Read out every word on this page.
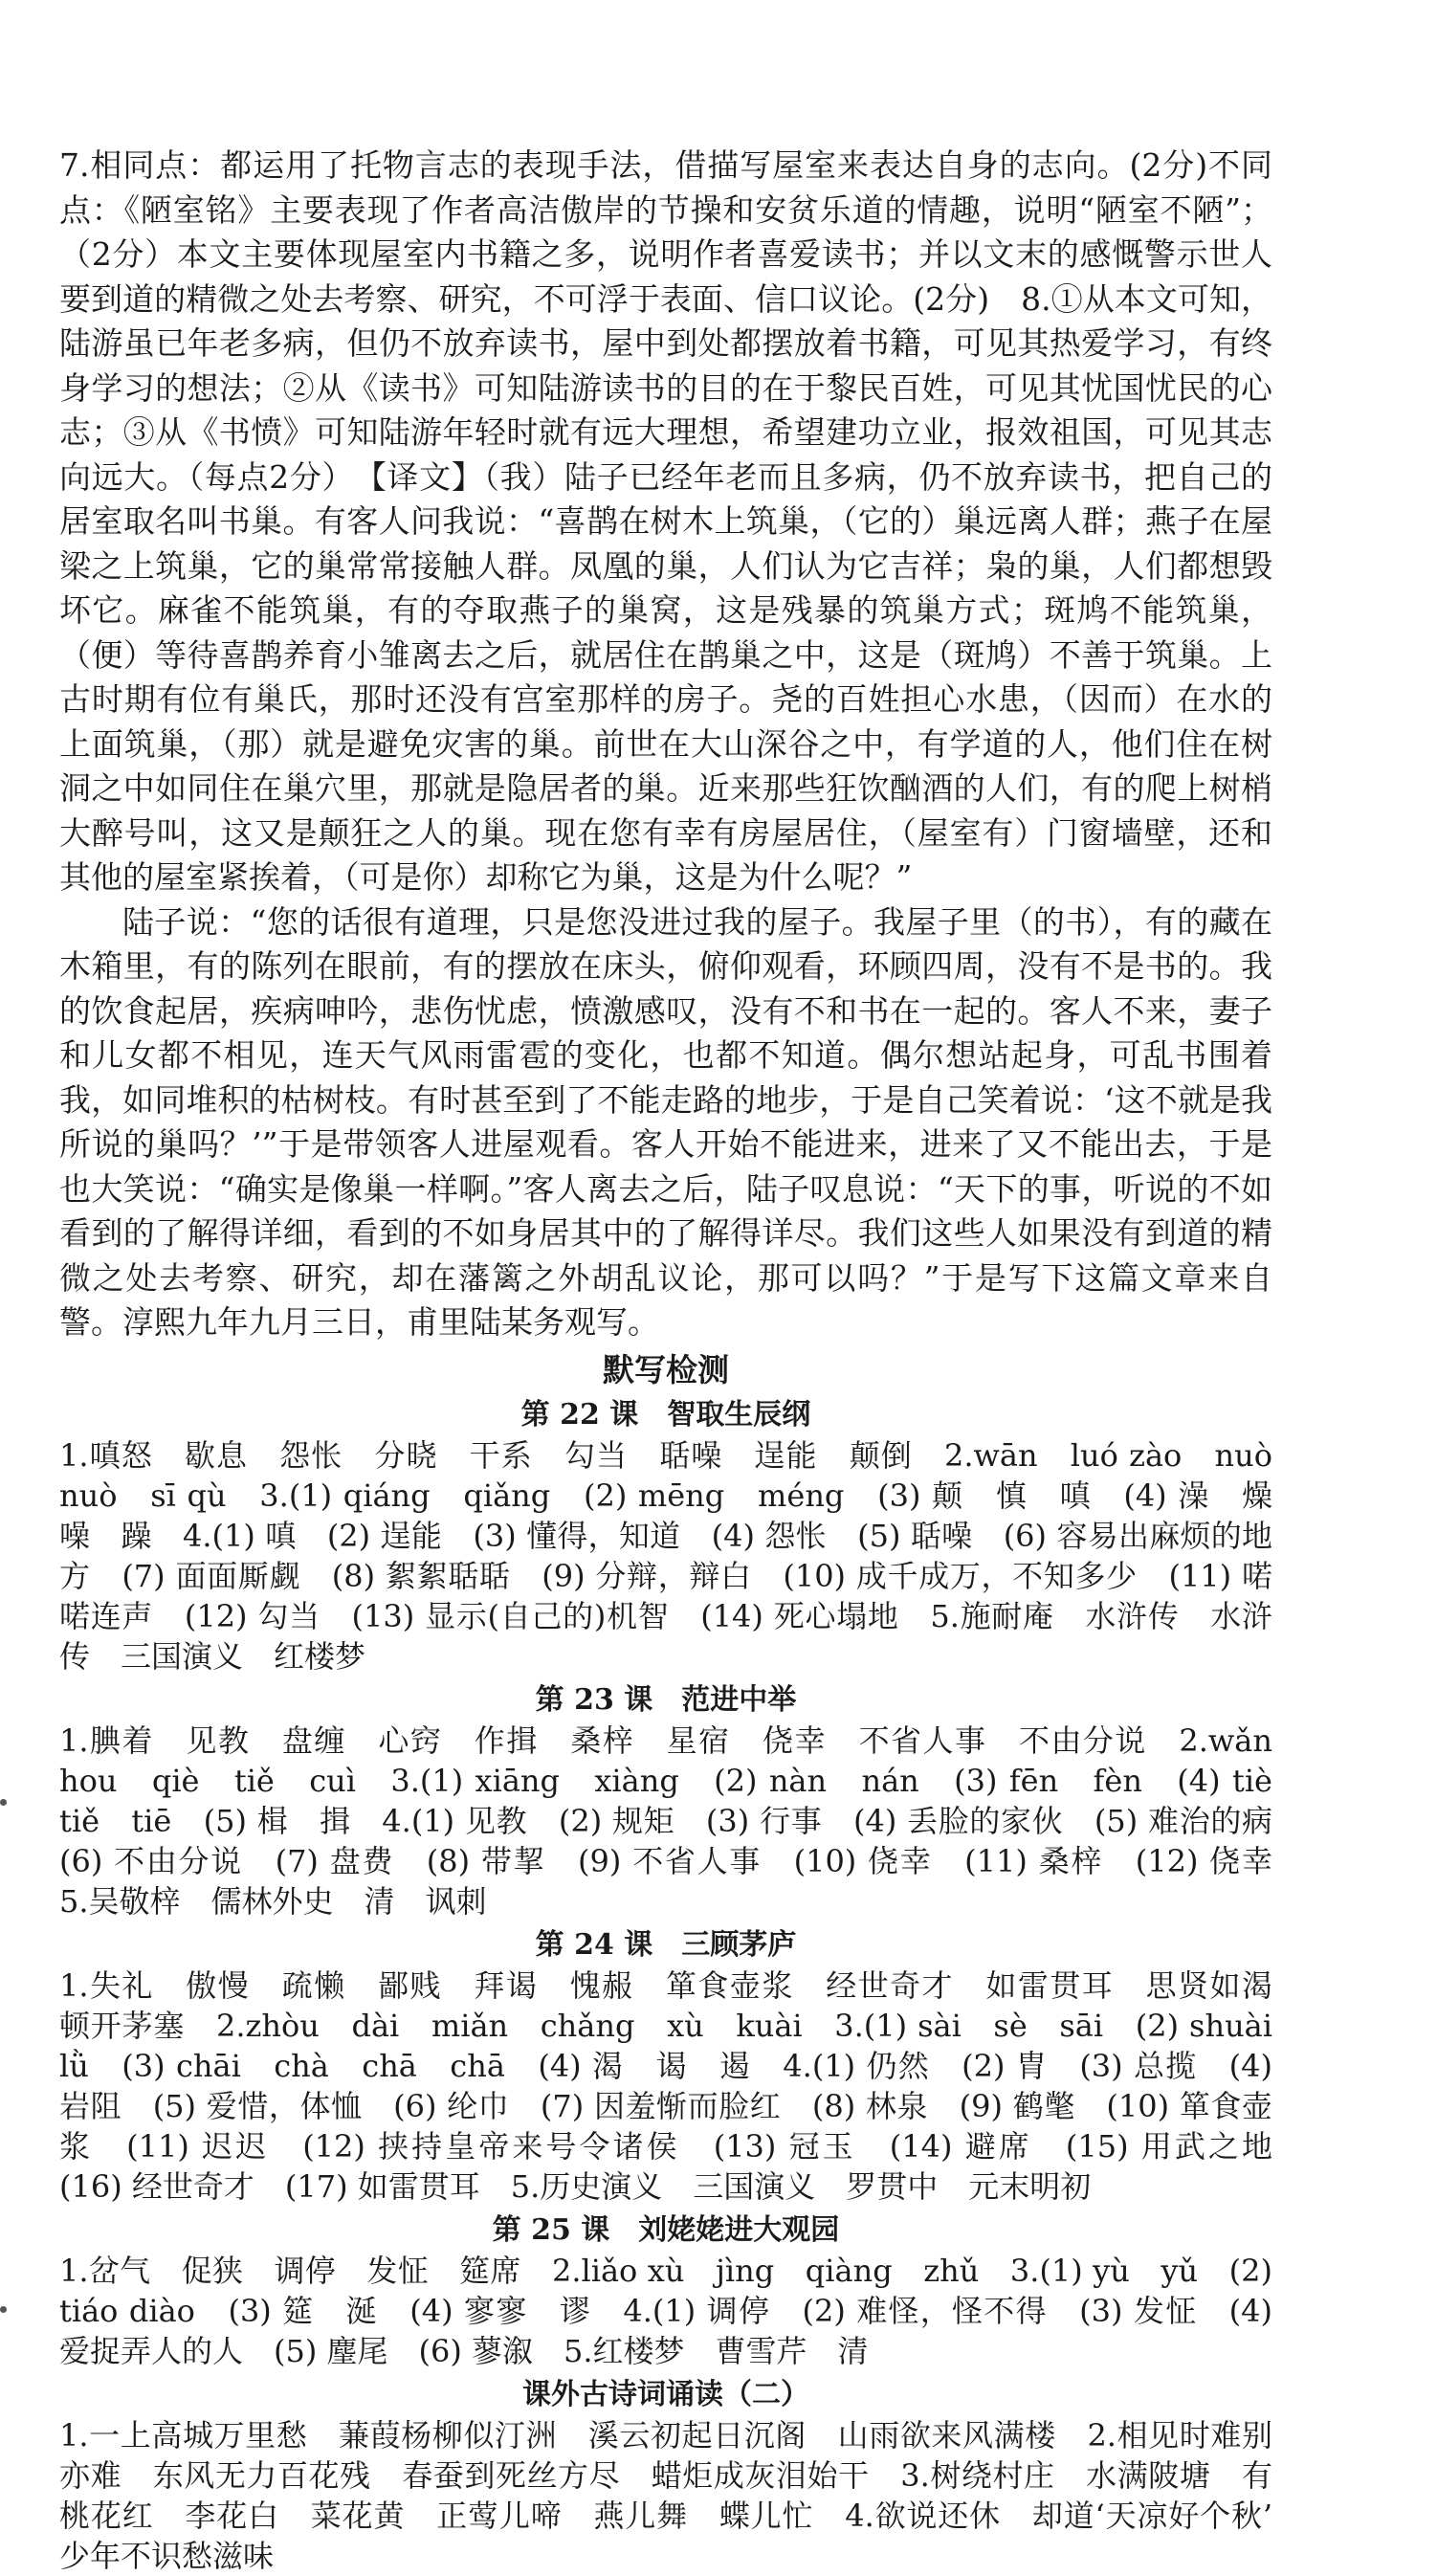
7.相同点：都运用了托物言志的表现手法，借描写屋室来表达自身的志向。(2分)不同点：《陋室铭》主要表现了作者高洁傲岸的节操和安贫乐道的情趣，说明“陋室不陋”；（2分）本文主要体现屋室内书籍之多，说明作者喜爱读书；并以文末的感慨警示世人要到道的精微之处去考察、研究，不可浮于表面、信口议论。(2分)　8.①从本文可知，陆游虽已年老多病，但仍不放弃读书，屋中到处都摆放着书籍，可见其热爱学习，有终身学习的想法；②从《读书》可知陆游读书的目的在于黎民百姓，可见其忧国忧民的心志；③从《书愤》可知陆游年轻时就有远大理想，希望建功立业，报效祖国，可见其志向远大。（每点2分）　【译文】（我）陆子已经年老而且多病，仍不放弃读书，把自己的居室取名叫书巢。有客人问我说：“喜鹊在树木上筑巢，（它的）巢远离人群；燕子在屋梁之上筑巢，它的巢常常接触人群。凤凰的巢，人们认为它吉祥；枭的巢，人们都想毁坏它。麻雀不能筑巢，有的夺取燕子的巢窝，这是残暴的筑巢方式；斑鸠不能筑巢，（便）等待喜鹊养育小雏离去之后，就居住在鹊巢之中，这是（斑鸠）不善于筑巢。上古时期有位有巢氏，那时还没有宫室那样的房子。尧的百姓担心水患，（因而）在水的上面筑巢，（那）就是避免灾害的巢。前世在大山深谷之中，有学道的人，他们住在树洞之中如同住在巢穴里，那就是隐居者的巢。近来那些狂饮酗酒的人们，有的爬上树梢大醉号叫，这又是颠狂之人的巢。现在您有幸有房屋居住，（屋室有）门窗墙壁，还和其他的屋室紧挨着，（可是你）却称它为巢，这是为什么呢？”

陆子说：“您的话很有道理，只是您没进过我的屋子。我屋子里（的书），有的藏在木箱里，有的陈列在眼前，有的摆放在床头，俯仰观看，环顾四周，没有不是书的。我的饮食起居，疾病呻吟，悲伤忧虑，愤激感叹，没有不和书在一起的。客人不来，妻子和儿女都不相见，连天气风雨雷雹的变化，也都不知道。偶尔想站起身，可乱书围着我，如同堆积的枯树枝。有时甚至到了不能走路的地步，于是自己笑着说：‘这不就是我所说的巢吗？’”于是带领客人进屋观看。客人开始不能进来，进来了又不能出去，于是也大笑说：“确实是像巢一样啊。”客人离去之后，陆子叹息说：“天下的事，听说的不如看到的了解得详细，看到的不如身居其中的了解得详尽。我们这些人如果没有到道的精微之处去考察、研究，却在藩篱之外胡乱议论，那可以吗？”于是写下这篇文章来自警。淳熙九年九月三日，甫里陆某务观写。

默写检测
第 22 课　智取生辰纲

1.嗔怒　歇息　怨怅　分晓　干系　勾当　聒噪　逞能　颠倒　2.wān　luó zào　nuò nuò　sī qù　3.(1) qiáng　qiǎng　(2) mēng　méng　(3) 颠　慎　嗔　(4) 澡　燥　噪　躁　4.(1) 嗔　(2) 逞能　(3) 懂得，知道　(4) 怨怅　(5) 聒噪　(6) 容易出麻烦的地方　(7) 面面厮觑　(8) 絮絮聒聒　(9) 分辩，辩白　(10) 成千成万，不知多少　(11) 喏喏连声　(12) 勾当　(13) 显示(自己的)机智　(14) 死心塌地　5.施耐庵　水浒传　水浒传　三国演义　红楼梦

第 23 课　范进中举

1.腆着　见教　盘缠　心窍　作揖　桑梓　星宿　侥幸　不省人事　不由分说　2.wǎn hou　qiè　tiě　cuì　3.(1) xiāng　xiàng　(2) nàn　nán　(3) fēn　fèn　(4) tiè　tiě　tiē　(5) 楫　揖　4.(1) 见教　(2) 规矩　(3) 行事　(4) 丢脸的家伙　(5) 难治的病　(6) 不由分说　(7) 盘费　(8) 带挈　(9) 不省人事　(10) 侥幸　(11) 桑梓　(12) 侥幸　5.吴敬梓　儒林外史　清　讽刺

第 24 课　三顾茅庐

1.失礼　傲慢　疏懒　鄙贱　拜谒　愧赧　箪食壶浆　经世奇才　如雷贯耳　思贤如渴　顿开茅塞　2.zhòu　dài　miǎn　chǎng　xù　kuài　3.(1) sài　sè　sāi　(2) shuài　lǜ　(3) chāi　chà　chā　chā　(4) 渴　谒　遏　4.(1) 仍然　(2) 胄　(3) 总揽　(4) 岩阻　(5) 爱惜，体恤　(6) 纶巾　(7) 因羞惭而脸红　(8) 林泉　(9) 鹤氅　(10) 箪食壶浆　(11) 迟迟　(12) 挟持皇帝来号令诸侯　(13) 冠玉　(14) 避席　(15) 用武之地　(16) 经世奇才　(17) 如雷贯耳　5.历史演义　三国演义　罗贯中　元末明初

第 25 课　刘姥姥进大观园

1.岔气　促狭　调停　发怔　筵席　2.liǎo xù　jìng　qiàng　zhǔ　3.(1) yù　yǔ　(2) tiáo diào　(3) 筵　涎　(4) 寥寥　谬　4.(1) 调停　(2) 难怪，怪不得　(3) 发怔　(4) 爱捉弄人的人　(5) 麈尾　(6) 蓼溆　5.红楼梦　曹雪芹　清

课外古诗词诵读（二）

1.一上高城万里愁　蒹葭杨柳似汀洲　溪云初起日沉阁　山雨欲来风满楼　2.相见时难别亦难　东风无力百花残　春蚕到死丝方尽　蜡炬成灰泪始干　3.树绕村庄　水满陂塘　有桃花红　李花白　菜花黄　正莺儿啼　燕儿舞　蝶儿忙　4.欲说还休　却道‘天凉好个秋’　少年不识愁滋味
